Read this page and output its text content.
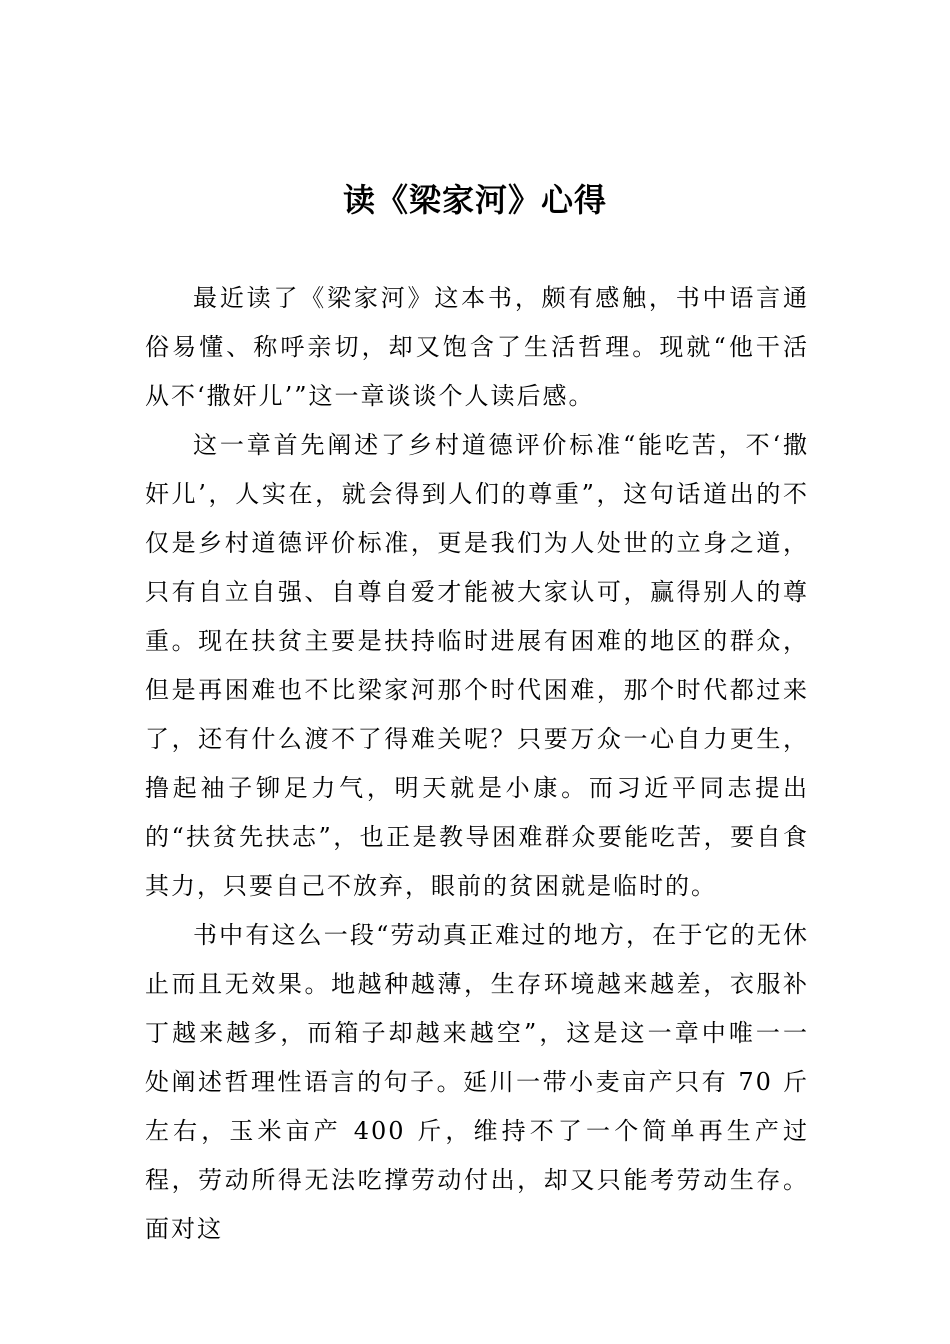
读《梁家河》心得

最近读了《梁家河》这本书，颇有感触，书中语言通俗易懂、称呼亲切，却又饱含了生活哲理。现就“他干活从不‘撒奸儿’”这一章谈谈个人读后感。

这一章首先阐述了乡村道德评价标准“能吃苦，不‘撒奸儿’，人实在，就会得到人们的尊重”，这句话道出的不仅是乡村道德评价标准，更是我们为人处世的立身之道，只有自立自强、自尊自爱才能被大家认可，赢得别人的尊重。现在扶贫主要是扶持临时进展有困难的地区的群众，但是再困难也不比梁家河那个时代困难，那个时代都过来了，还有什么渡不了得难关呢？只要万众一心自力更生，撸起袖子铆足力气，明天就是小康。而习近平同志提出的“扶贫先扶志”，也正是教导困难群众要能吃苦，要自食其力，只要自己不放弃，眼前的贫困就是临时的。

书中有这么一段“劳动真正难过的地方，在于它的无休止而且无效果。地越种越薄，生存环境越来越差，衣服补丁越来越多，而箱子却越来越空”，这是这一章中唯一一处阐述哲理性语言的句子。延川一带小麦亩产只有 70 斤左右，玉米亩产 400 斤，维持不了一个简单再生产过程，劳动所得无法吃撑劳动付出，却又只能考劳动生存。面对这
